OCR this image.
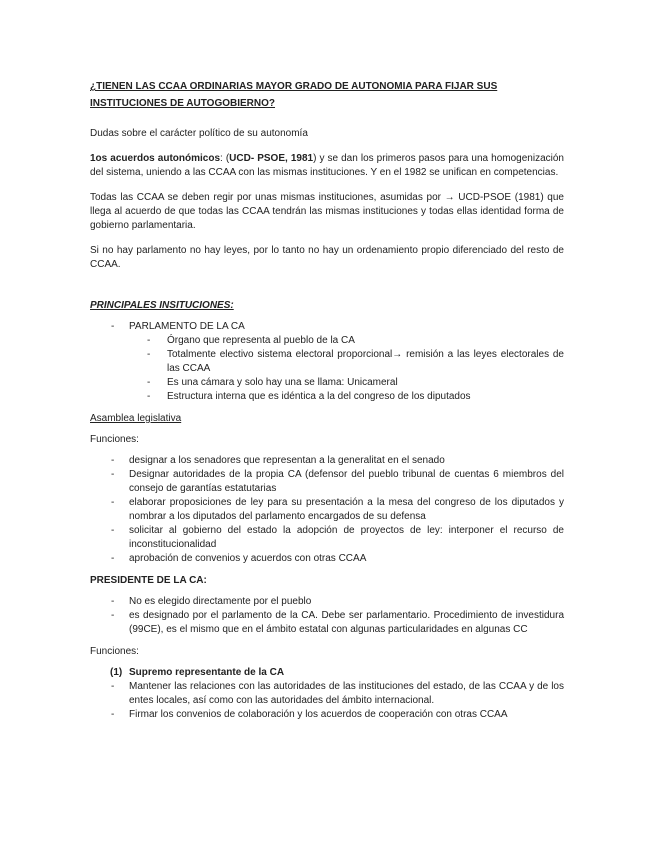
¿TIENEN LAS CCAA ORDINARIAS MAYOR GRADO DE AUTONOMIA PARA FIJAR SUS INSTITUCIONES DE AUTOGOBIERNO?

Dudas sobre el carácter político de su autonomía

1os acuerdos autonómicos: (UCD- PSOE, 1981) y se dan los primeros pasos para una homogenización del sistema, uniendo a las CCAA con las mismas instituciones. Y en el 1982 se unifican en competencias.

Todas las CCAA se deben regir por unas mismas instituciones, asumidas por → UCD-PSOE (1981) que llega al acuerdo de que todas las CCAA tendrán las mismas instituciones y todas ellas identidad forma de gobierno parlamentaria.

Si no hay parlamento no hay leyes, por lo tanto no hay un ordenamiento propio diferenciado del resto de CCAA.

PRINCIPALES INSITUCIONES:

- PARLAMENTO DE LA CA
- Órgano que representa al pueblo de la CA
- Totalmente electivo sistema electoral proporcional→ remisión a las leyes electorales de las CCAA
- Es una cámara y solo hay una se llama: Unicameral
- Estructura interna que es idéntica a la del congreso de los diputados

Asamblea legislativa

Funciones:

- designar a los senadores que representan a la generalitat en el senado
- Designar autoridades de la propia CA (defensor del pueblo tribunal de cuentas 6 miembros del consejo de garantías estatutarias
- elaborar proposiciones de ley para su presentación a la mesa del congreso de los diputados y nombrar a los diputados del parlamento encargados de su defensa
- solicitar al gobierno del estado la adopción de proyectos de ley: interponer el recurso de inconstitucionalidad
- aprobación de convenios y acuerdos con otras CCAA

PRESIDENTE DE LA CA:

- No es elegido directamente por el pueblo
- es designado por el parlamento de la CA. Debe ser parlamentario. Procedimiento de investidura (99CE), es el mismo que en el ámbito estatal con algunas particularidades en algunas CC

Funciones:

(1) Supremo representante de la CA

- Mantener las relaciones con las autoridades de las instituciones del estado, de las CCAA y de los entes locales, así como con las autoridades del ámbito internacional.
- Firmar los convenios de colaboración y los acuerdos de cooperación con otras CCAA
